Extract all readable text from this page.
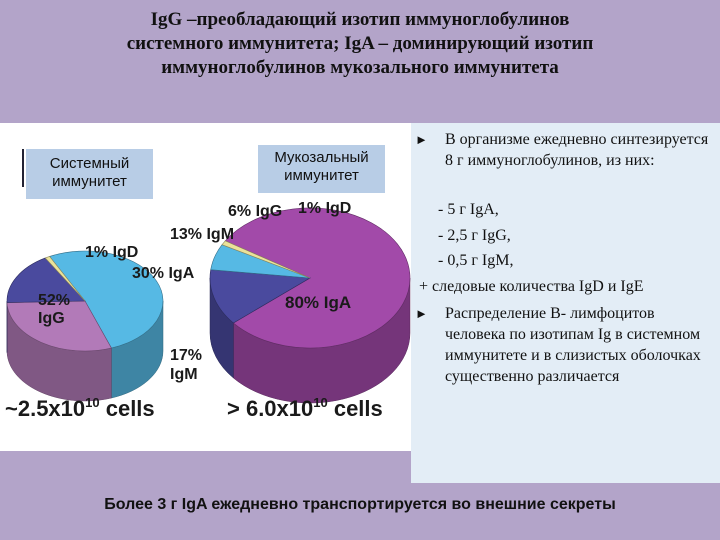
IgG –преобладающий изотип иммуноглобулинов
системного иммунитета; IgA – доминирующий изотип
иммуноглобулинов мукозального иммунитета
52%
IgG
30% IgA
17%
IgM
1% IgD
80% IgA
13% IgM
6% IgG 1% IgD
$\sim 2.5x10^{10}$ cells	> $6.0x10^{10}$ cells
Системный
иммунитет
Мукозальный
иммунитет
► В организме ежедневно синтезируется 8 г иммуноглобулинов, из них:
- 5 г IgA,
- 2,5 г IgG,
- 0,5 г IgM,
+ следовые количества IgD и IgE
► Распределение В- лимфоцитов человека по изотипам Ig в системном иммунитете и в слизистых оболочках существенно различается
Более 3 г IgA ежедневно транспортируется во внешние секреты
